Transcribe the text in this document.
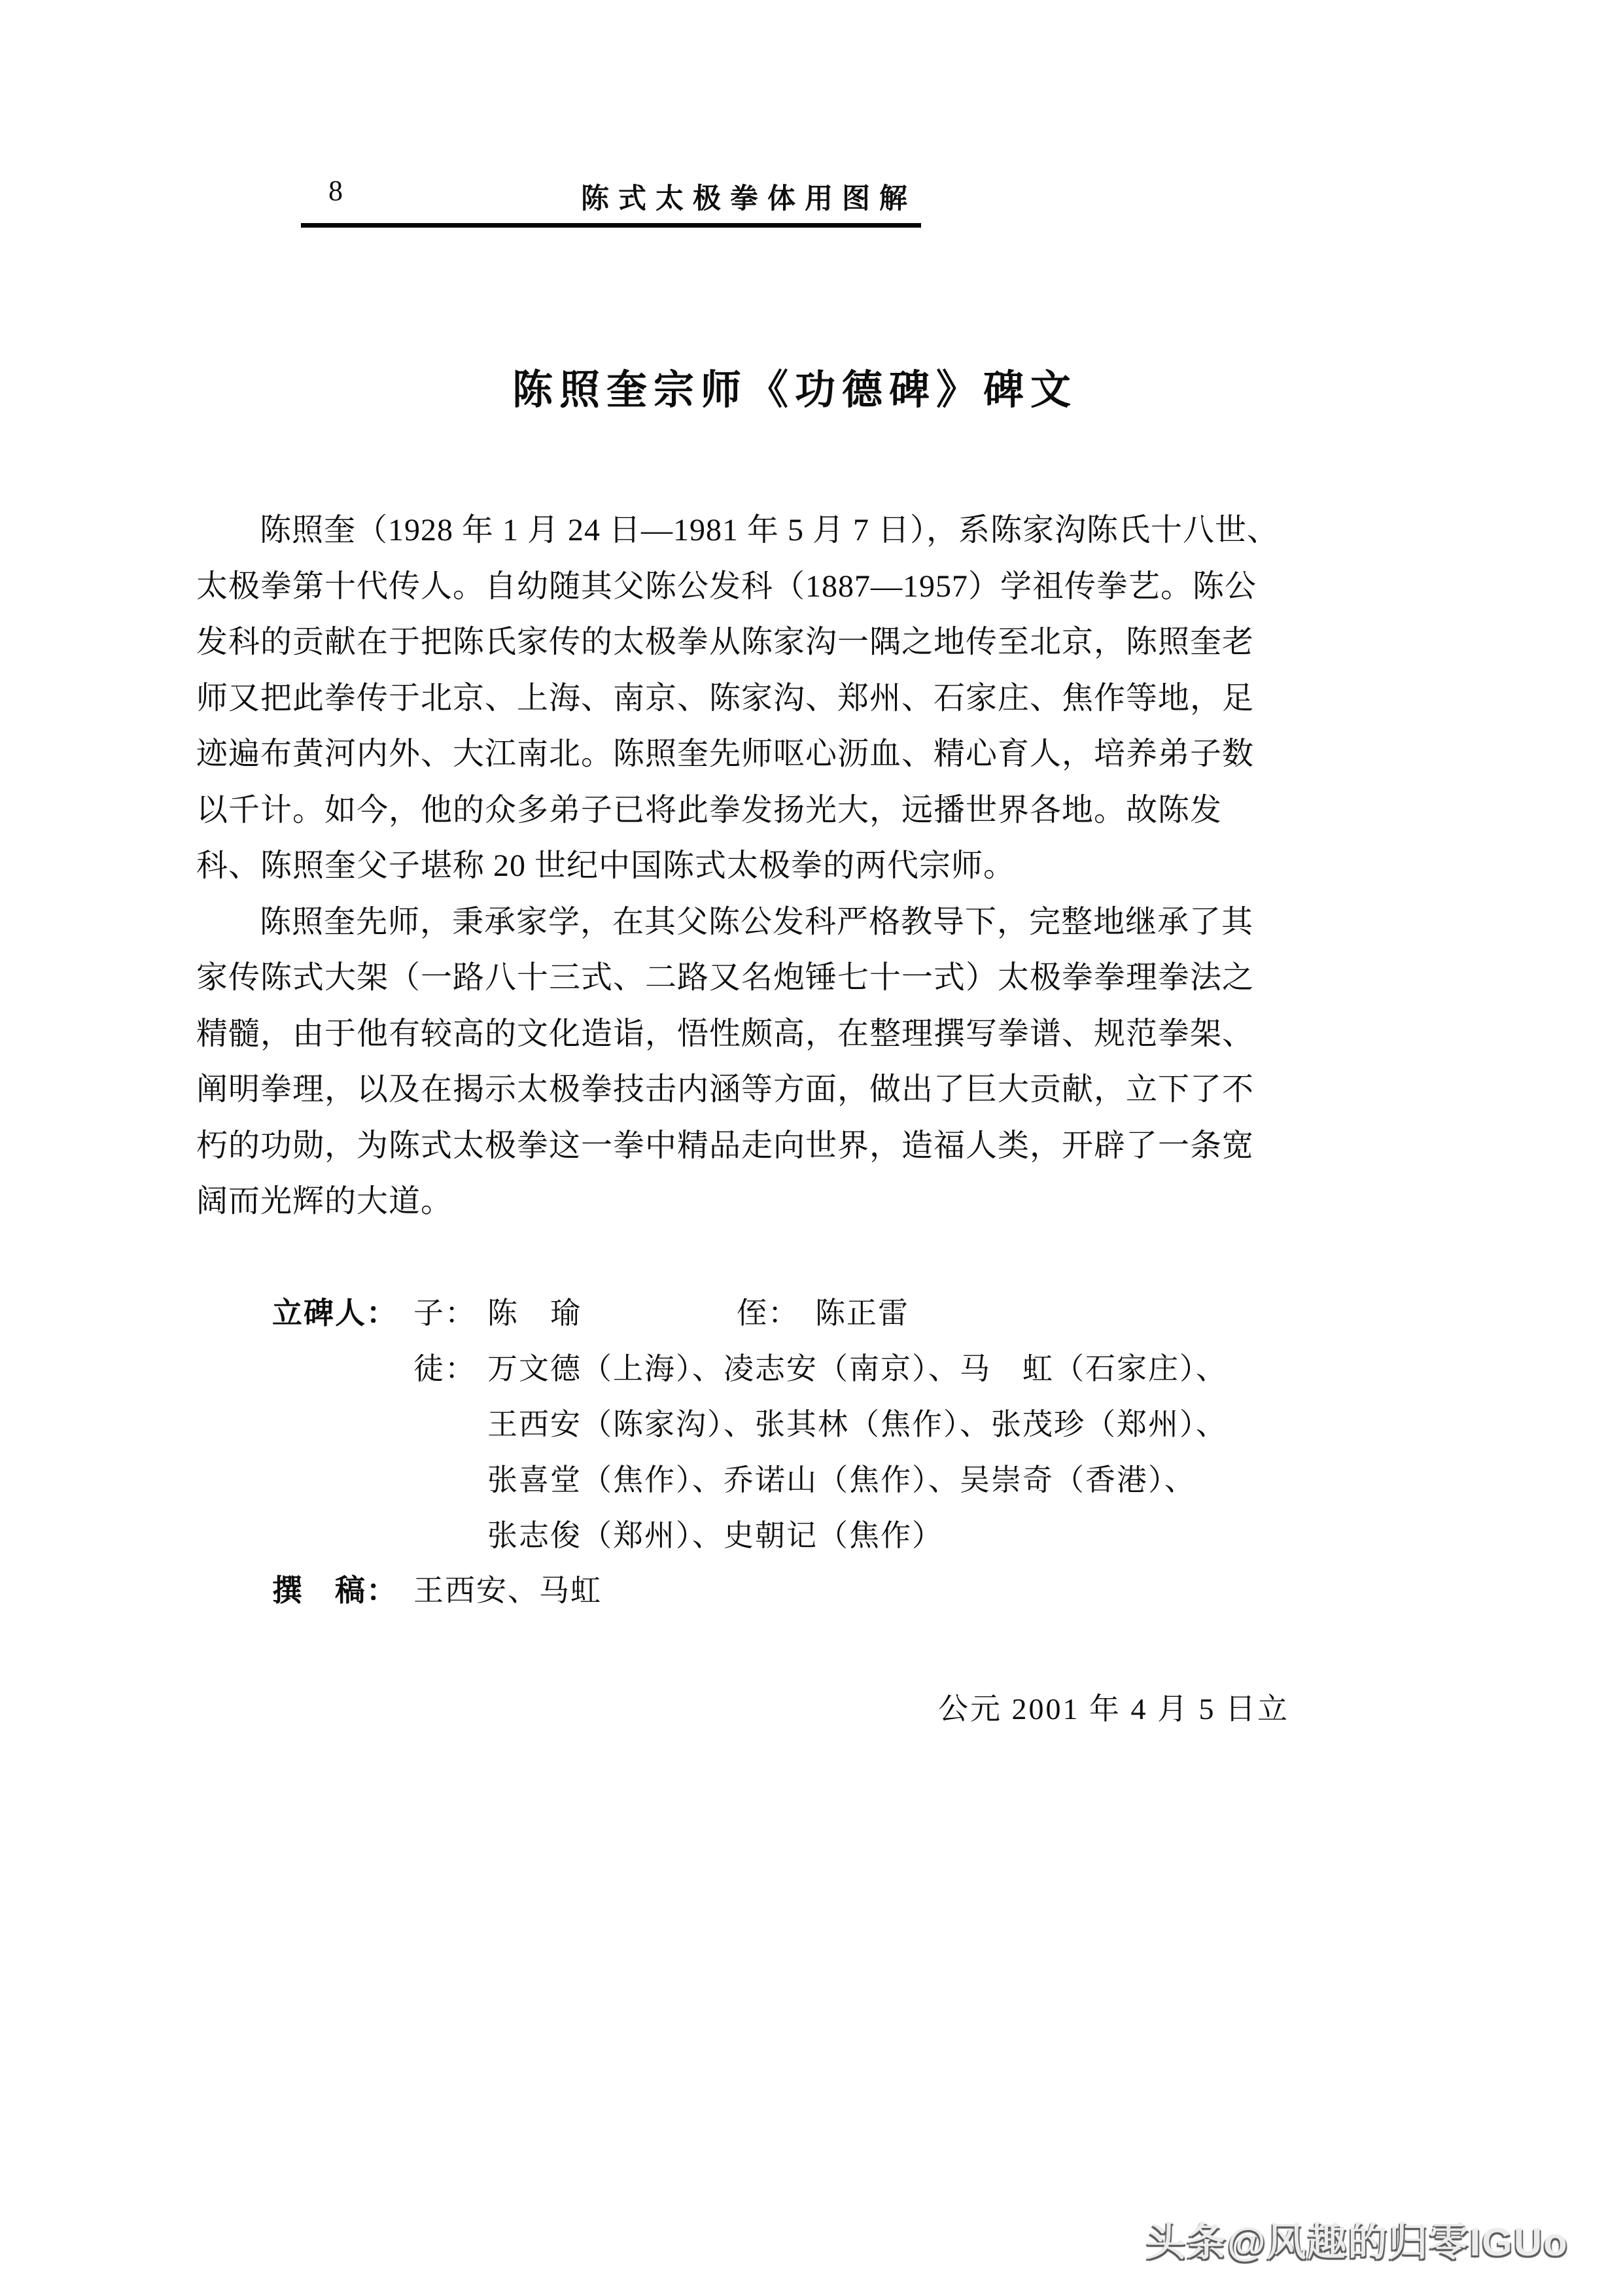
8	陈式太极拳体用图解
陈照奎宗师《功德碑》碑文
陈照奎（1928 年 1 月 24 日—1981 年 5 月 7 日），系陈家沟陈氏十八世、
太极拳第十代传人。自幼随其父陈公发科（1887—1957）学祖传拳艺。陈公
发科的贡献在于把陈氏家传的太极拳从陈家沟一隅之地传至北京，陈照奎老
师又把此拳传于北京、上海、南京、陈家沟、郑州、石家庄、焦作等地，足
迹遍布黄河内外、大江南北。陈照奎先师呕心沥血、精心育人，培养弟子数
以千计。如今，他的众多弟子已将此拳发扬光大，远播世界各地。故陈发
科、陈照奎父子堪称 20 世纪中国陈式太极拳的两代宗师。
陈照奎先师，秉承家学，在其父陈公发科严格教导下，完整地继承了其
家传陈式大架（一路八十三式、二路又名炮锤七十一式）太极拳拳理拳法之
精髓，由于他有较高的文化造诣，悟性颇高，在整理撰写拳谱、规范拳架、
阐明拳理，以及在揭示太极拳技击内涵等方面，做出了巨大贡献，立下了不
朽的功勋，为陈式太极拳这一拳中精品走向世界，造福人类，开辟了一条宽
阔而光辉的大道。
立碑人： 子： 陈　瑜	侄： 陈正雷
徒： 万文德（上海）、凌志安（南京）、马　虹（石家庄）、
王西安（陈家沟）、张其林（焦作）、张茂珍（郑州）、
张喜堂（焦作）、乔诺山（焦作）、吴崇奇（香港）、
张志俊（郑州）、史朝记（焦作）
撰　稿： 王西安、马虹
公元 2001 年 4 月 5 日立
头条@风趣的归零IGUo
